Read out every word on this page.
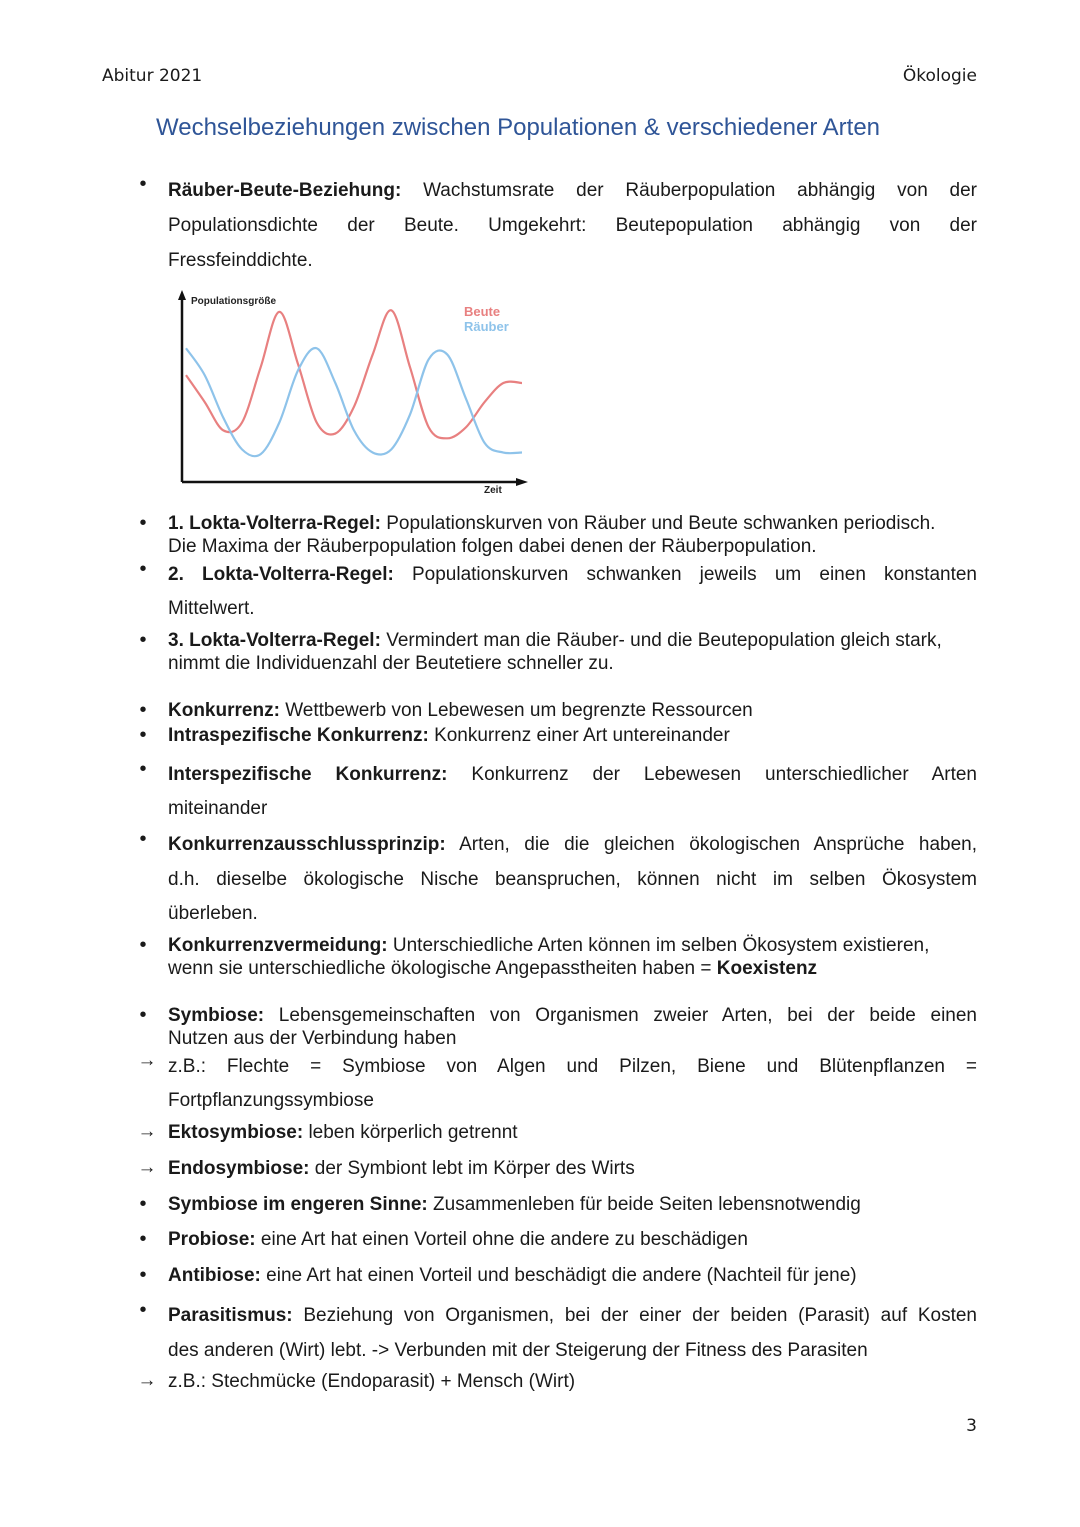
Abitur 2021	Ökologie
Wechselbeziehungen zwischen Populationen & verschiedener Arten
•	Räuber-Beute-Beziehung: Wachstumsrate der Räuberpopulation abhängig von der
Populationsdichte der Beute. Umgekehrt: Beutepopulation abhängig von der
Fressfeinddichte.
Populationsgröße
Zeit
Beute
Räuber
•	1. Lokta-Volterra-Regel: Populationskurven von Räuber und Beute schwanken periodisch.
Die Maxima der Räuberpopulation folgen dabei denen der Räuberpopulation.
•	2. Lokta-Volterra-Regel: Populationskurven schwanken jeweils um einen konstanten
Mittelwert.
•	3. Lokta-Volterra-Regel: Vermindert man die Räuber- und die Beutepopulation gleich stark,
nimmt die Individuenzahl der Beutetiere schneller zu.
•	Konkurrenz: Wettbewerb von Lebewesen um begrenzte Ressourcen
•	Intraspezifische Konkurrenz: Konkurrenz einer Art untereinander
•	Interspezifische Konkurrenz: Konkurrenz der Lebewesen unterschiedlicher Arten
miteinander
•	Konkurrenzausschlussprinzip: Arten, die die gleichen ökologischen Ansprüche haben,
d.h. dieselbe ökologische Nische beanspruchen, können nicht im selben Ökosystem
überleben.
•	Konkurrenzvermeidung: Unterschiedliche Arten können im selben Ökosystem existieren,
wenn sie unterschiedliche ökologische Angepasstheiten haben = Koexistenz
•	Symbiose: Lebensgemeinschaften von Organismen zweier Arten, bei der beide einen
Nutzen aus der Verbindung haben
→ z.B.: Flechte = Symbiose von Algen und Pilzen, Biene und Blütenpflanzen =
Fortpflanzungssymbiose
→ Ektosymbiose: leben körperlich getrennt
→ Endosymbiose: der Symbiont lebt im Körper des Wirts
•	Symbiose im engeren Sinne: Zusammenleben für beide Seiten lebensnotwendig
•	Probiose: eine Art hat einen Vorteil ohne die andere zu beschädigen
•	Antibiose: eine Art hat einen Vorteil und beschädigt die andere (Nachteil für jene)
•	Parasitismus: Beziehung von Organismen, bei der einer der beiden (Parasit) auf Kosten
des anderen (Wirt) lebt. -> Verbunden mit der Steigerung der Fitness des Parasiten
→ z.B.: Stechmücke (Endoparasit) + Mensch (Wirt)
3
